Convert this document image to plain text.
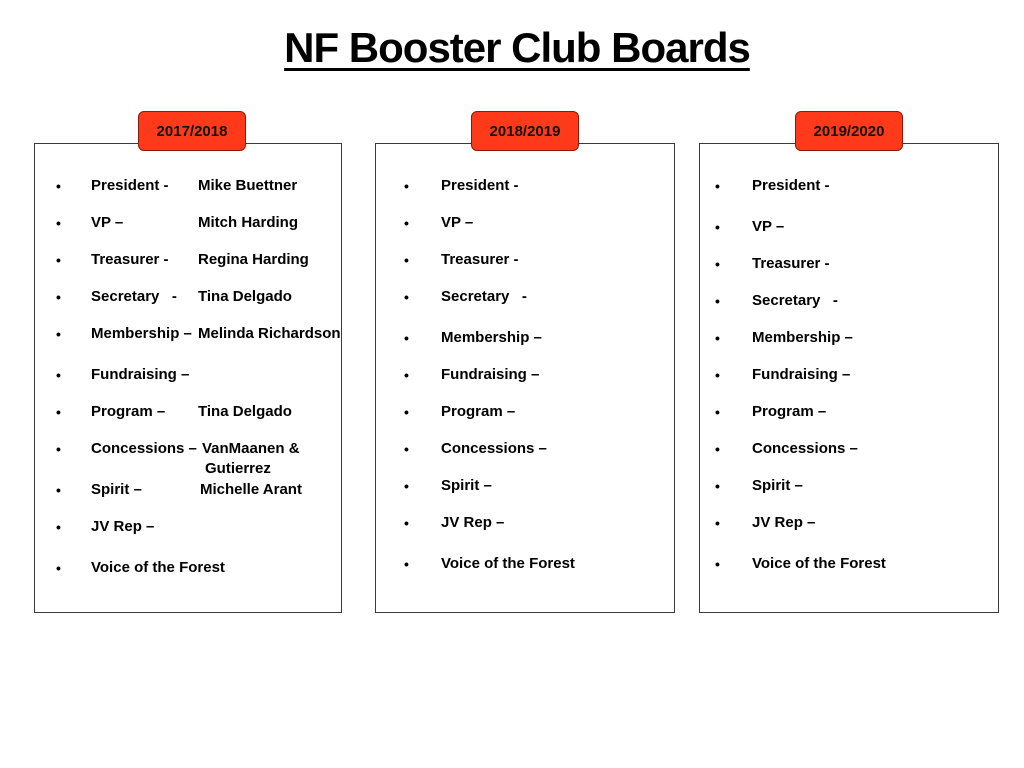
NF Booster Club Boards
2017/2018	2018/2019	2019/2020
• President - Mike Buettner
• VP –	Mitch Harding
• Treasurer - Regina Harding
• Secretary   - Tina Delgado
• Membership – Melinda Richardson
• Fundraising –
• Program – Tina Delgado
• Concessions – VanMaanen &
Gutierrez
• Spirit –	Michelle Arant
• JV Rep –
• Voice of the Forest
• President -
• VP –
• Treasurer -
• Secretary   -
• Membership –
• Fundraising –
• Program –
• Concessions –
• Spirit –
• JV Rep –
• Voice of the Forest
• President -
• VP –
• Treasurer -
• Secretary   -
• Membership –
• Fundraising –
• Program –
• Concessions –
• Spirit –
• JV Rep –
• Voice of the Forest
